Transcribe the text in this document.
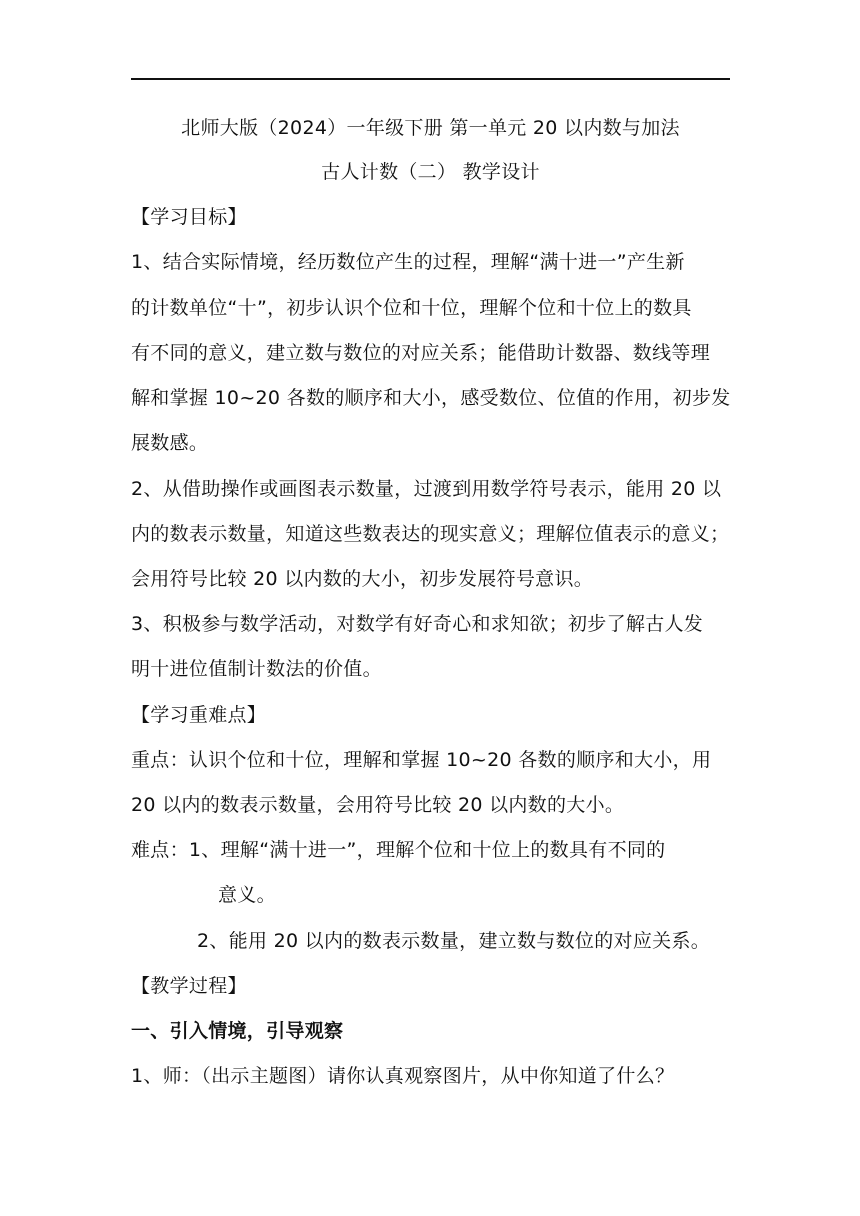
北师大版（2024）一年级下册 第一单元 20 以内数与加法
古人计数（二） 教学设计
【学习目标】
1、结合实际情境，经历数位产生的过程，理解“满十进一”产生新
的计数单位“十”，初步认识个位和十位，理解个位和十位上的数具
有不同的意义，建立数与数位的对应关系；能借助计数器、数线等理
解和掌握 10~20 各数的顺序和大小，感受数位、位值的作用，初步发
展数感。
2、从借助操作或画图表示数量，过渡到用数学符号表示，能用 20 以
内的数表示数量，知道这些数表达的现实意义；理解位值表示的意义；
会用符号比较 20 以内数的大小，初步发展符号意识。
3、积极参与数学活动，对数学有好奇心和求知欲；初步了解古人发
明十进位值制计数法的价值。
【学习重难点】
重点：认识个位和十位，理解和掌握 10~20 各数的顺序和大小，用
20 以内的数表示数量，会用符号比较 20 以内数的大小。
难点：1、理解“满十进一”，理解个位和十位上的数具有不同的
意义。
2、能用 20 以内的数表示数量，建立数与数位的对应关系。
【教学过程】
一、引入情境，引导观察
1、师：（出示主题图）请你认真观察图片，从中你知道了什么？
